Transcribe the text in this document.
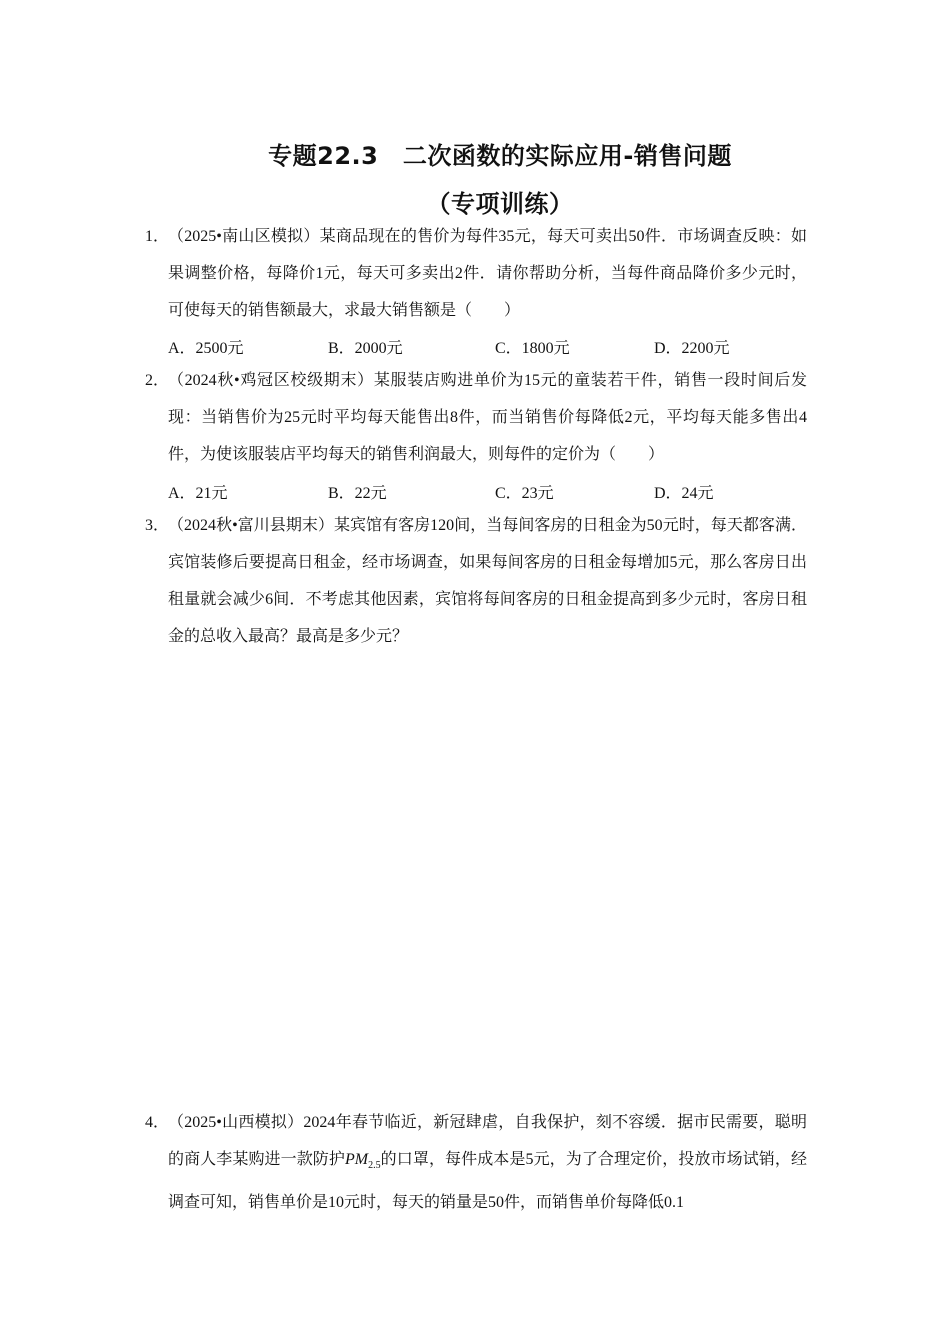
专题22.3　二次函数的实际应用-销售问题
（专项训练）
1．
（2025•南山区模拟）某商品现在的售价为每件35元，每天可卖出50件．市场调查反映：如果调整价格，每降价1元，每天可多卖出2件．请你帮助分析，当每件商品降价多少元时，可使每天的销售额最大，求最大销售额是（　　）
A．2500元	B．2000元	C．1800元	D．2200元
2．
（2024秋•鸡冠区校级期末）某服装店购进单价为15元的童装若干件，销售一段时间后发现：当销售价为25元时平均每天能售出8件，而当销售价每降低2元，平均每天能多售出4件，为使该服装店平均每天的销售利润最大，则每件的定价为（　　）
A．21元	B．22元	C．23元	D．24元
3．
（2024秋•富川县期末）某宾馆有客房120间，当每间客房的日租金为50元时，每天都客满．宾馆装修后要提高日租金，经市场调查，如果每间客房的日租金每增加5元，那么客房日出租量就会减少6间．不考虑其他因素，宾馆将每间客房的日租金提高到多少元时，客房日租金的总收入最高？最高是多少元？
4．
（2025•山西模拟）2024年春节临近，新冠肆虐，自我保护，刻不容缓．据市民需要，聪明的商人李某购进一款防护$PM_{2.5}$的口罩，每件成本是5元，为了合理定价，投放市场试销，经调查可知，销售单价是10元时，每天的销量是50件，而销售单价每降低0.1
